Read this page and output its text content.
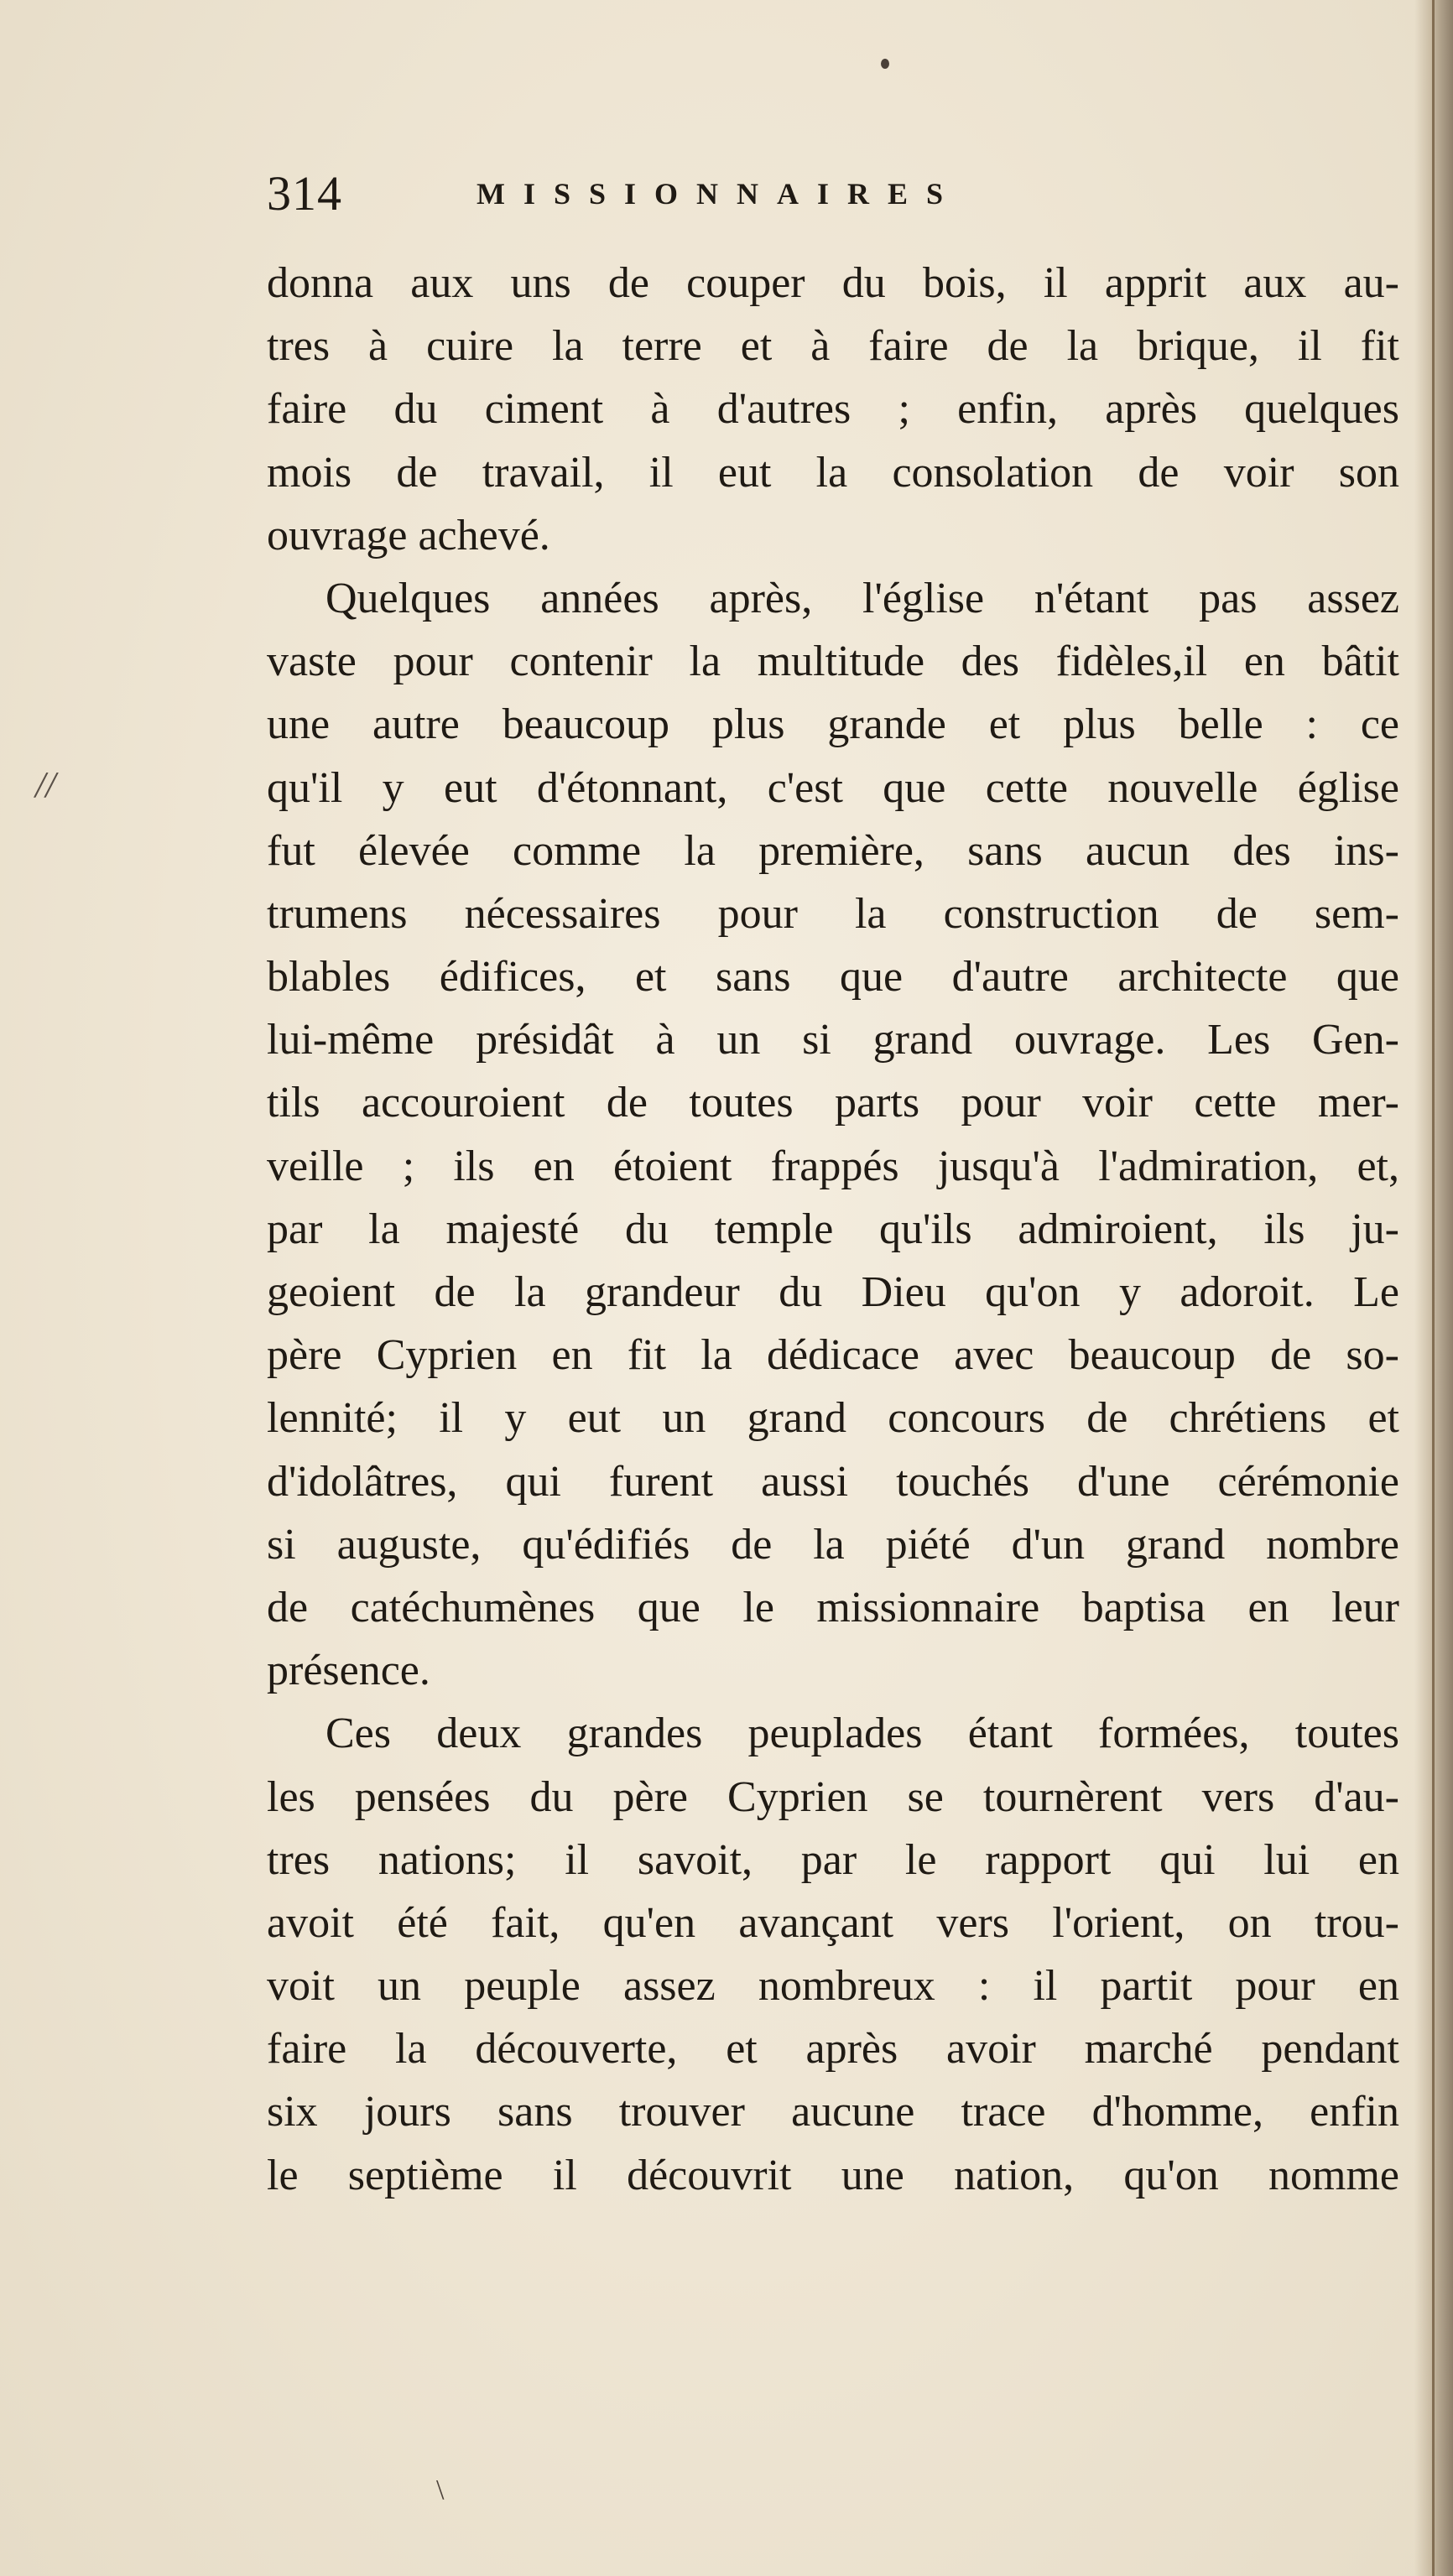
314	MISSIONNAIRES
//
\
donna aux uns de couper du bois, il apprit aux au-
tres à cuire la terre et à faire de la brique, il fit
faire du ciment à d'autres ; enfin, après quelques
mois de travail, il eut la consolation de voir son
ouvrage achevé.
Quelques années après, l'église n'étant pas assez
vaste pour contenir la multitude des fidèles,il en bâtit
une autre beaucoup plus grande et plus belle : ce
qu'il y eut d'étonnant, c'est que cette nouvelle église
fut élevée comme la première, sans aucun des ins-
trumens nécessaires pour la construction de sem-
blables édifices, et sans que d'autre architecte que
lui-même présidât à un si grand ouvrage. Les Gen-
tils accouroient de toutes parts pour voir cette mer-
veille ; ils en étoient frappés jusqu'à l'admiration, et,
par la majesté du temple qu'ils admiroient, ils ju-
geoient de la grandeur du Dieu qu'on y adoroit. Le
père Cyprien en fit la dédicace avec beaucoup de so-
lennité; il y eut un grand concours de chrétiens et
d'idolâtres, qui furent aussi touchés d'une cérémonie
si auguste, qu'édifiés de la piété d'un grand nombre
de catéchumènes que le missionnaire baptisa en leur
présence.
Ces deux grandes peuplades étant formées, toutes
les pensées du père Cyprien se tournèrent vers d'au-
tres nations; il savoit, par le rapport qui lui en
avoit été fait, qu'en avançant vers l'orient, on trou-
voit un peuple assez nombreux : il partit pour en
faire la découverte, et après avoir marché pendant
six jours sans trouver aucune trace d'homme, enfin
le septième il découvrit une nation, qu'on nomme
